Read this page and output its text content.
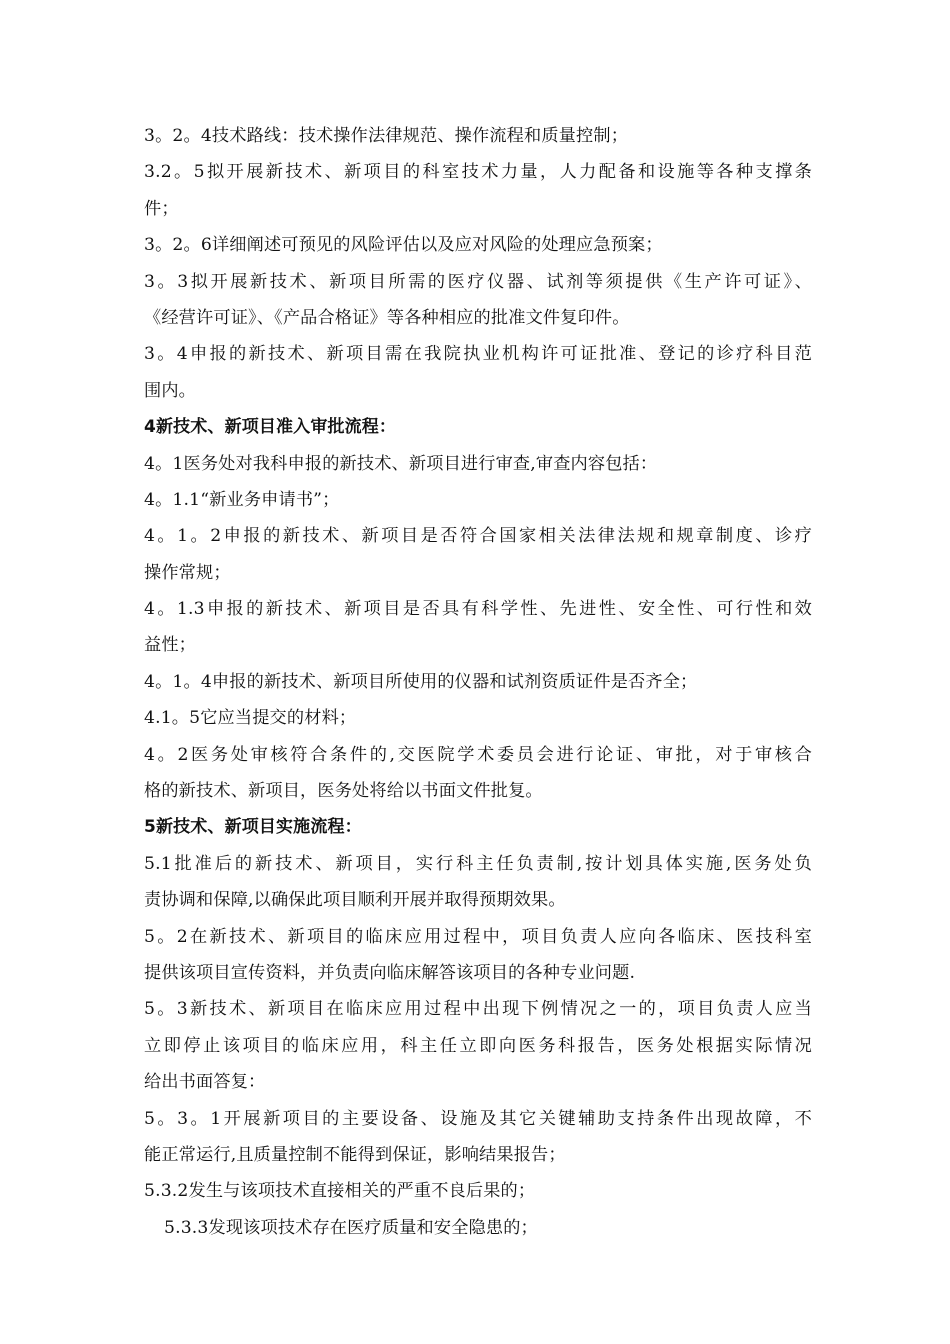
3。2。4技术路线：技术操作法律规范、操作流程和质量控制；
3.2。5拟开展新技术、新项目的科室技术力量，人力配备和设施等各种支撑条
件；
3。2。6详细阐述可预见的风险评估以及应对风险的处理应急预案；
3。3拟开展新技术、新项目所需的医疗仪器、试剂等须提供《生产许可证》、
《经营许可证》、《产品合格证》等各种相应的批准文件复印件。
3。4申报的新技术、新项目需在我院执业机构许可证批准、登记的诊疗科目范
围内。
4新技术、新项目准入审批流程：
4。1医务处对我科申报的新技术、新项目进行审查,审查内容包括：
4。1.1“新业务申请书”；
4。1。2申报的新技术、新项目是否符合国家相关法律法规和规章制度、诊疗
操作常规；
4。1.3申报的新技术、新项目是否具有科学性、先进性、安全性、可行性和效
益性；
4。1。4申报的新技术、新项目所使用的仪器和试剂资质证件是否齐全；
4.1。5它应当提交的材料；
4。2医务处审核符合条件的,交医院学术委员会进行论证、审批，对于审核合
格的新技术、新项目，医务处将给以书面文件批复。
5新技术、新项目实施流程：
5.1批准后的新技术、新项目，实行科主任负责制,按计划具体实施,医务处负
责协调和保障,以确保此项目顺利开展并取得预期效果。
5。2在新技术、新项目的临床应用过程中，项目负责人应向各临床、医技科室
提供该项目宣传资料，并负责向临床解答该项目的各种专业问题.
5。3新技术、新项目在临床应用过程中出现下例情况之一的，项目负责人应当
立即停止该项目的临床应用，科主任立即向医务科报告，医务处根据实际情况
给出书面答复：
5。3。1开展新项目的主要设备、设施及其它关键辅助支持条件出现故障，不
能正常运行,且质量控制不能得到保证，影响结果报告；
5.3.2发生与该项技术直接相关的严重不良后果的；
5.3.3发现该项技术存在医疗质量和安全隐患的；
